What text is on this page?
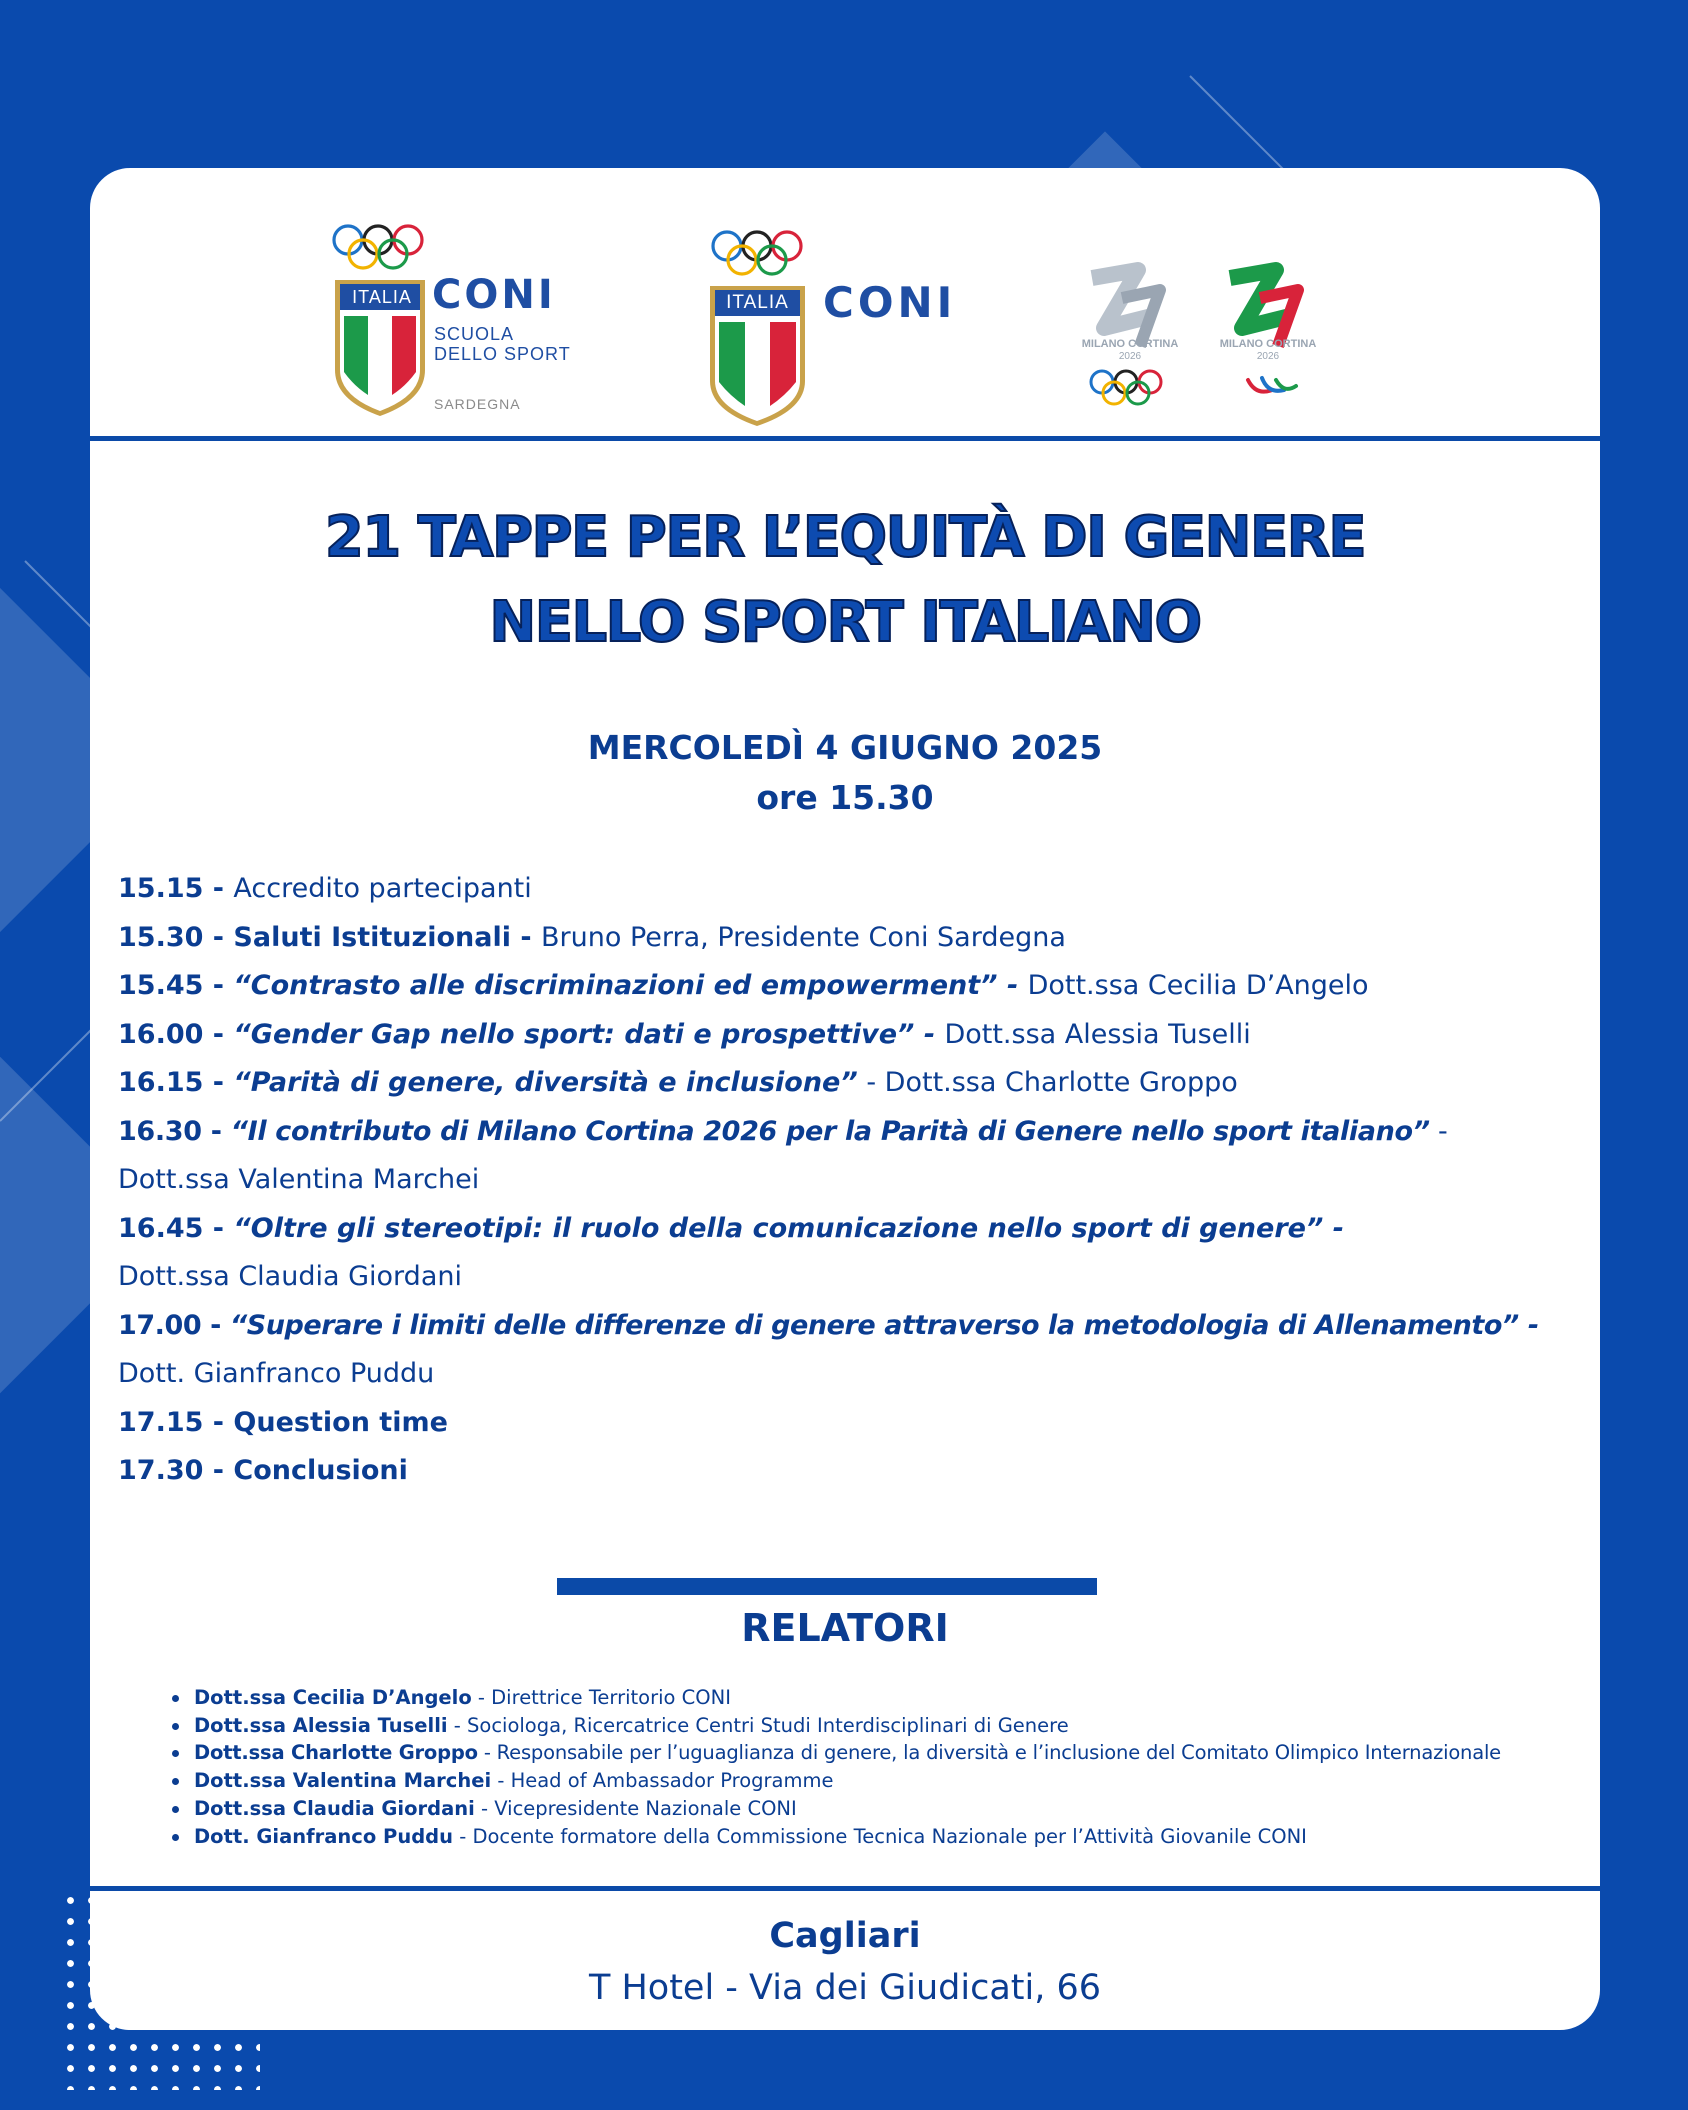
ITALIA CONI
SCUOLA
DELLO SPORT
SARDEGNA
ITALIA CONI
MILANO CORTINA
2026
MILANO CORTINA
2026
21 TAPPE PER L’EQUITÀ DI GENERE
NELLO SPORT ITALIANO
MERCOLEDÌ 4 GIUGNO 2025
ore 15.30
15.15 - Accredito partecipanti
15.30 - Saluti Istituzionali - Bruno Perra, Presidente Coni Sardegna
15.45 - “Contrasto alle discriminazioni ed empowerment” - Dott.ssa Cecilia D’Angelo
16.00 - “Gender Gap nello sport: dati e prospettive” - Dott.ssa Alessia Tuselli
16.15 - “Parità di genere, diversità e inclusione” - Dott.ssa Charlotte Groppo
16.30 - “Il contributo di Milano Cortina 2026 per la Parità di Genere nello sport italiano” -
Dott.ssa Valentina Marchei
16.45 - “Oltre gli stereotipi: il ruolo della comunicazione nello sport di genere” -
Dott.ssa Claudia Giordani
17.00 - “Superare i limiti delle differenze di genere attraverso la metodologia di Allenamento” -
Dott. Gianfranco Puddu
17.15 - Question time
17.30 - Conclusioni
RELATORI
Dott.ssa Cecilia D’Angelo - Direttrice Territorio CONI
Dott.ssa Alessia Tuselli - Sociologa, Ricercatrice Centri Studi Interdisciplinari di Genere
Dott.ssa Charlotte Groppo - Responsabile per l’uguaglianza di genere, la diversità e l’inclusione del Comitato Olimpico Internazionale
Dott.ssa Valentina Marchei - Head of Ambassador Programme
Dott.ssa Claudia Giordani - Vicepresidente Nazionale CONI
Dott. Gianfranco Puddu - Docente formatore della Commissione Tecnica Nazionale per l’Attività Giovanile CONI
Cagliari
T Hotel - Via dei Giudicati, 66
